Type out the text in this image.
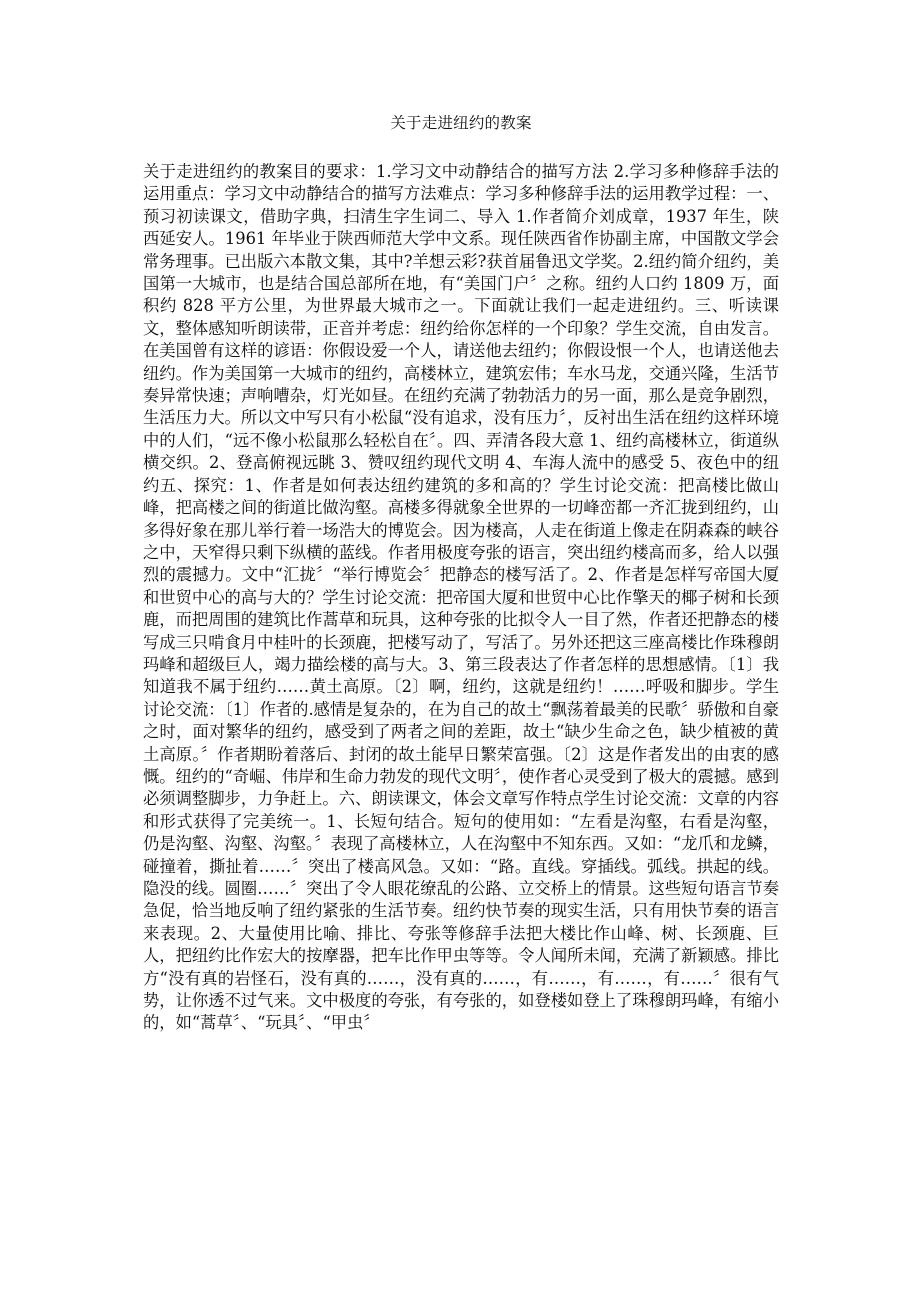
关于走进纽约的教案
关于走进纽约的教案目的要求：1.学习文中动静结合的描写方法 2.学习多种修辞手法的运用重点：学习文中动静结合的描写方法难点：学习多种修辞手法的运用教学过程：一、预习初读课文，借助字典，扫清生字生词二、导入 1.作者简介刘成章，1937 年生，陕西延安人。1961 年毕业于陕西师范大学中文系。现任陕西省作协副主席，中国散文学会常务理事。已出版六本散文集，其中?羊想云彩?获首届鲁迅文学奖。2.纽约简介纽约，美国第一大城市，也是结合国总部所在地，有“美国门户〞之称。纽约人口约 1809 万，面积约 828 平方公里，为世界最大城市之一。下面就让我们一起走进纽约。三、听读课文，整体感知听朗读带，正音并考虑：纽约给你怎样的一个印象？学生交流，自由发言。在美国曾有这样的谚语：你假设爱一个人，请送他去纽约；你假设恨一个人，也请送他去纽约。作为美国第一大城市的纽约，高楼林立，建筑宏伟；车水马龙，交通兴隆，生活节奏异常快速；声响嘈杂，灯光如昼。在纽约充满了勃勃活力的另一面，那么是竞争剧烈，生活压力大。所以文中写只有小松鼠“没有追求，没有压力〞，反衬出生活在纽约这样环境中的人们，“远不像小松鼠那么轻松自在〞。四、弄清各段大意 1、纽约高楼林立，街道纵横交织。2、登高俯视远眺 3、赞叹纽约现代文明 4、车海人流中的感受 5、夜色中的纽约五、探究：1、作者是如何表达纽约建筑的多和高的？学生讨论交流：把高楼比做山峰，把高楼之间的街道比做沟壑。高楼多得就象全世界的一切峰峦都一齐汇拢到纽约，山多得好象在那儿举行着一场浩大的博览会。因为楼高，人走在街道上像走在阴森森的峡谷之中，天窄得只剩下纵横的蓝线。作者用极度夸张的语言，突出纽约楼高而多，给人以强烈的震撼力。文中“汇拢〞“举行博览会〞把静态的楼写活了。2、作者是怎样写帝国大厦和世贸中心的高与大的？学生讨论交流：把帝国大厦和世贸中心比作擎天的椰子树和长颈鹿，而把周围的建筑比作蒿草和玩具，这种夸张的比拟令人一目了然，作者还把静态的楼写成三只啃食月中桂叶的长颈鹿，把楼写动了，写活了。另外还把这三座高楼比作珠穆朗玛峰和超级巨人，竭力描绘楼的高与大。3、第三段表达了作者怎样的思想感情。〔1〕我知道我不属于纽约……黄土高原。〔2〕啊，纽约，这就是纽约！……呼吸和脚步。学生讨论交流：〔1〕作者的.感情是复杂的，在为自己的故土“飘荡着最美的民歌〞骄傲和自豪之时，面对繁华的纽约，感受到了两者之间的差距，故土“缺少生命之色，缺少植被的黄土高原。〞作者期盼着落后、封闭的故土能早日繁荣富强。〔2〕这是作者发出的由衷的感慨。纽约的“奇崛、伟岸和生命力勃发的现代文明〞，使作者心灵受到了极大的震撼。感到必须调整脚步，力争赶上。六、朗读课文，体会文章写作特点学生讨论交流：文章的内容和形式获得了完美统一。1、长短句结合。短句的使用如：“左看是沟壑，右看是沟壑，仍是沟壑、沟壑、沟壑。〞表现了高楼林立，人在沟壑中不知东西。又如：“龙爪和龙鳞，碰撞着，撕扯着……〞突出了楼高风急。又如：“路。直线。穿插线。弧线。拱起的线。隐没的线。圆圈……〞突出了令人眼花缭乱的公路、立交桥上的情景。这些短句语言节奏急促，恰当地反响了纽约紧张的生活节奏。纽约快节奏的现实生活，只有用快节奏的语言来表现。2、大量使用比喻、排比、夸张等修辞手法把大楼比作山峰、树、长颈鹿、巨人，把纽约比作宏大的按摩器，把车比作甲虫等等。令人闻所未闻，充满了新颖感。排比方“没有真的岩怪石，没有真的……，没有真的……，有……，有……，有……〞很有气势，让你透不过气来。文中极度的夸张，有夸张的，如登楼如登上了珠穆朗玛峰，有缩小的，如“蒿草〞、“玩具〞、“甲虫〞
